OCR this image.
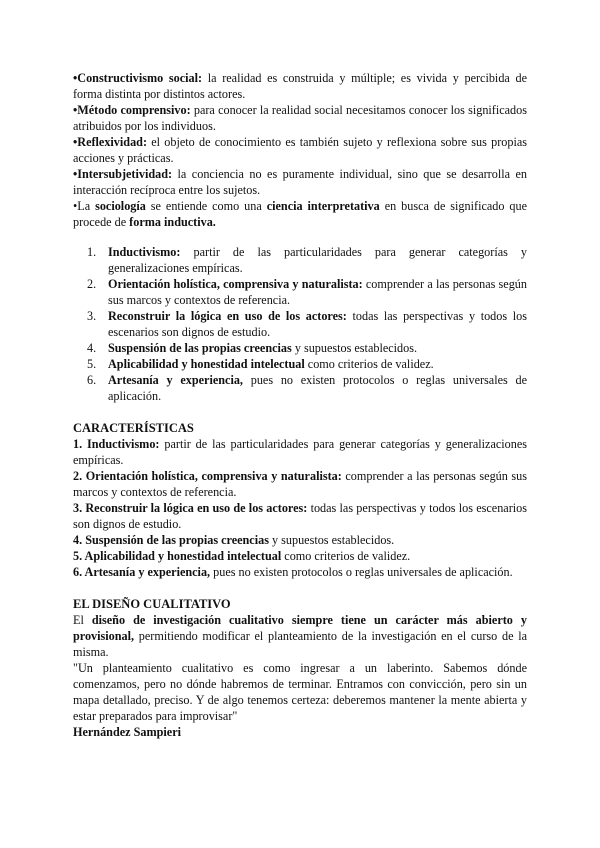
•Constructivismo social: la realidad es construida y múltiple; es vivida y percibida de forma distinta por distintos actores.

•Método comprensivo: para conocer la realidad social necesitamos conocer los significados atribuidos por los individuos.

•Reflexividad: el objeto de conocimiento es también sujeto y reflexiona sobre sus propias acciones y prácticas.

•Intersubjetividad: la conciencia no es puramente individual, sino que se desarrolla en interacción recíproca entre los sujetos.

•La sociología se entiende como una ciencia interpretativa en busca de significado que procede de forma inductiva.

1. Inductivismo: partir de las particularidades para generar categorías y generalizaciones empíricas.
2. Orientación holística, comprensiva y naturalista: comprender a las personas según sus marcos y contextos de referencia.
3. Reconstruir la lógica en uso de los actores: todas las perspectivas y todos los escenarios son dignos de estudio.
4. Suspensión de las propias creencias y supuestos establecidos.
5. Aplicabilidad y honestidad intelectual como criterios de validez.
6. Artesanía y experiencia, pues no existen protocolos o reglas universales de aplicación.

CARACTERÍSTICAS

1. Inductivismo: partir de las particularidades para generar categorías y generalizaciones empíricas.

2. Orientación holística, comprensiva y naturalista: comprender a las personas según sus marcos y contextos de referencia.

3. Reconstruir la lógica en uso de los actores: todas las perspectivas y todos los escenarios son dignos de estudio.

4. Suspensión de las propias creencias y supuestos establecidos.

5. Aplicabilidad y honestidad intelectual como criterios de validez.

6. Artesanía y experiencia, pues no existen protocolos o reglas universales de aplicación.

EL DISEÑO CUALITATIVO

El diseño de investigación cualitativo siempre tiene un carácter más abierto y provisional, permitiendo modificar el planteamiento de la investigación en el curso de la misma.

"Un planteamiento cualitativo es como ingresar a un laberinto. Sabemos dónde comenzamos, pero no dónde habremos de terminar. Entramos con convicción, pero sin un mapa detallado, preciso. Y de algo tenemos certeza: deberemos mantener la mente abierta y estar preparados para improvisar"

Hernández Sampieri
